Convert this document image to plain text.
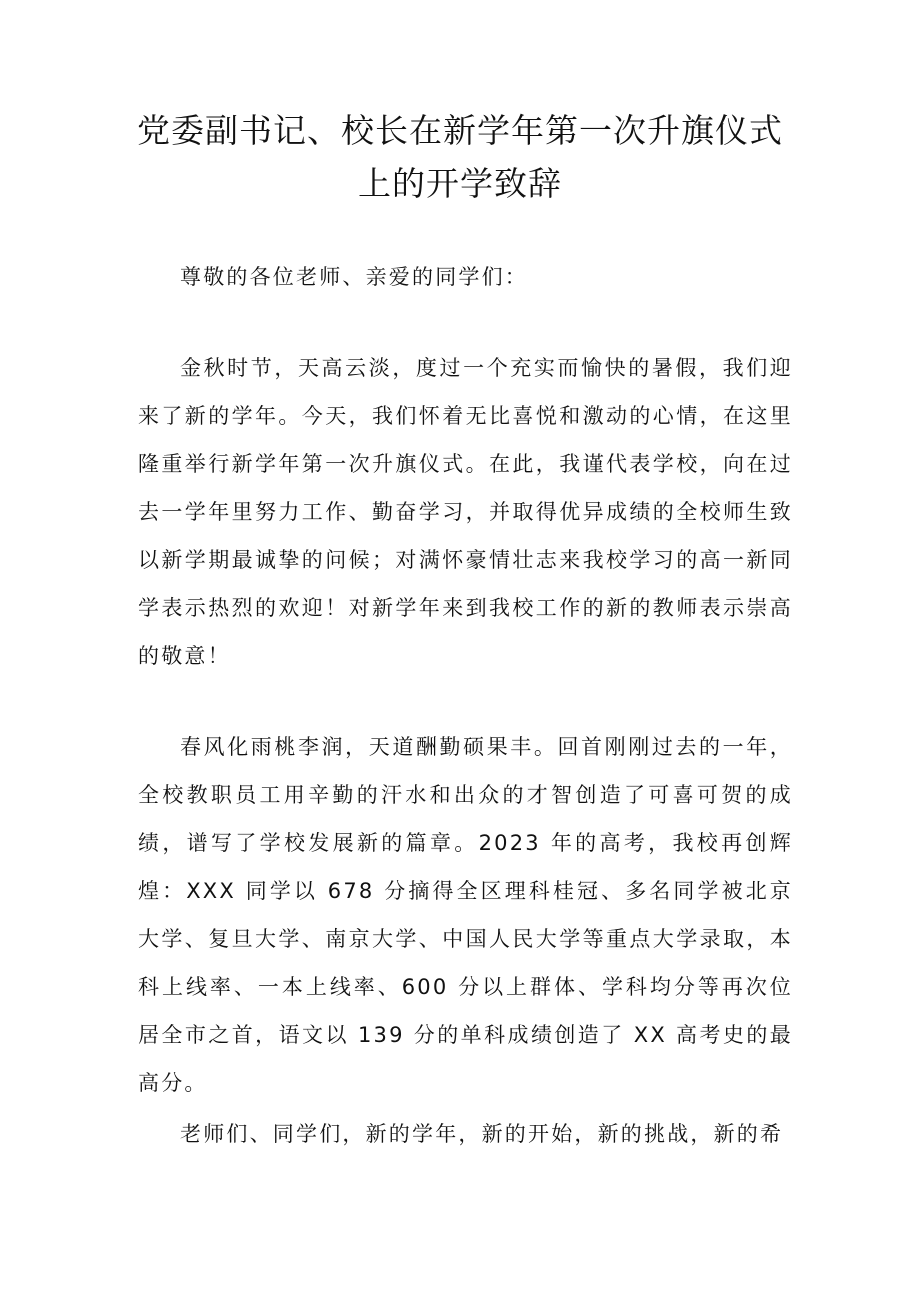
党委副书记、校长在新学年第一次升旗仪式
上的开学致辞

尊敬的各位老师、亲爱的同学们：

金秋时节，天高云淡，度过一个充实而愉快的暑假，我们迎来了新的学年。今天，我们怀着无比喜悦和激动的心情，在这里隆重举行新学年第一次升旗仪式。在此，我谨代表学校，向在过去一学年里努力工作、勤奋学习，并取得优异成绩的全校师生致以新学期最诚挚的问候；对满怀豪情壮志来我校学习的高一新同学表示热烈的欢迎！对新学年来到我校工作的新的教师表示崇高的敬意！

春风化雨桃李润，天道酬勤硕果丰。回首刚刚过去的一年，全校教职员工用辛勤的汗水和出众的才智创造了可喜可贺的成绩，谱写了学校发展新的篇章。2023 年的高考，我校再创辉煌：XXX 同学以 678 分摘得全区理科桂冠、多名同学被北京大学、复旦大学、南京大学、中国人民大学等重点大学录取，本科上线率、一本上线率、600 分以上群体、学科均分等再次位居全市之首，语文以 139 分的单科成绩创造了 XX 高考史的最高分。

老师们、同学们，新的学年，新的开始，新的挑战，新的希
